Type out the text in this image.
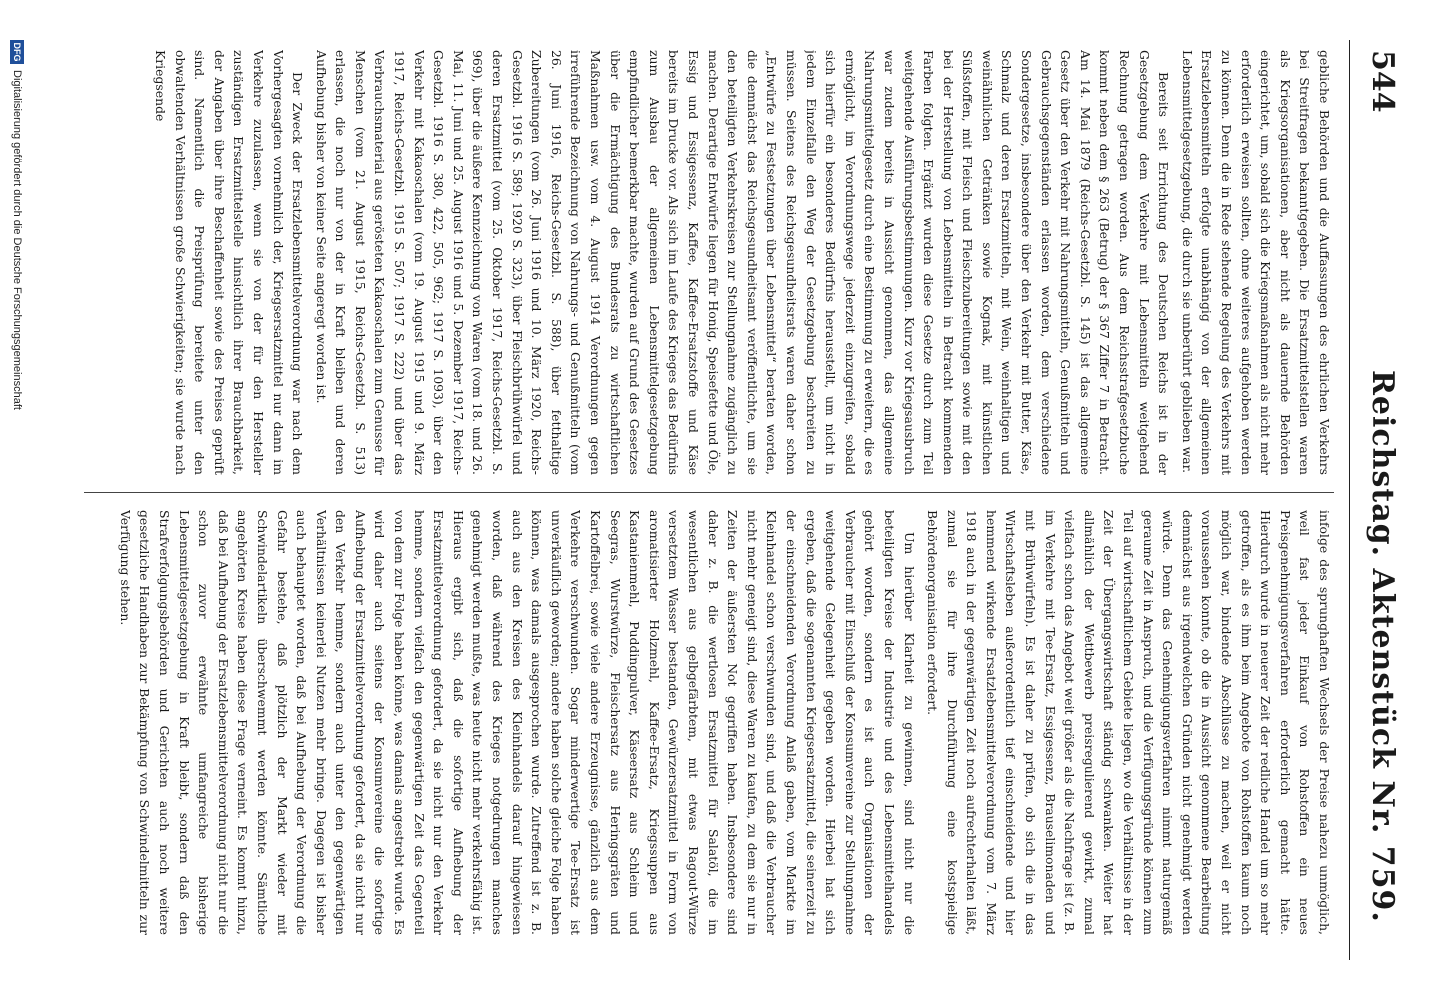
544
Reichstag. Aktenstück Nr. 759.

gebliche Behörden und die Auffassungen des ehrlichen Verkehrs bei Streitfragen bekanntgegeben. Die Ersatzmittelstellen waren als Kriegsorganisationen, aber nicht als dauernde Behörden eingerichtet, um, sobald sich die Kriegsmaßnahmen als nicht mehr erforderlich erweisen sollten, ohne weiteres aufgehoben werden zu können. Denn die in Rede stehende Regelung des Verkehrs mit Ersatzlebensmitteln erfolgte unabhängig von der allgemeinen Lebensmittelgesetzgebung, die durch sie unberührt geblieben war.

Bereits seit Errichtung des Deutschen Reichs ist in der Gesetzgebung dem Verkehre mit Lebensmitteln weitgehend Rechnung getragen worden. Aus dem Reichsstrafgesetzbuche kommt neben dem § 263 (Betrug) der § 367 Ziffer 7 in Betracht. Am 14. Mai 1879 (Reichs-Gesetzbl. S. 145) ist das allgemeine Gesetz über den Verkehr mit Nahrungsmitteln, Genußmitteln und Gebrauchsgegenständen erlassen worden, dem verschiedene Sondergesetze, insbesondere über den Verkehr mit Butter, Käse, Schmalz und deren Ersatzmitteln, mit Wein, weinhaltigen und weinähnlichen Getränken sowie Kognak, mit künstlichen Süßstoffen, mit Fleisch und Fleischzubereitungen sowie mit den bei der Herstellung von Lebensmitteln in Betracht kommenden Farben folgten. Ergänzt wurden diese Gesetze durch zum Teil weitgehende Ausführungsbestimmungen. Kurz vor Kriegsausbruch war zudem bereits in Aussicht genommen, das allgemeine Nahrungsmittelgesetz durch eine Bestimmung zu erweitern, die es ermöglicht, im Verordnungswege jederzeit einzugreifen, sobald sich hierfür ein besonderes Bedürfnis herausstellt, um nicht in jedem Einzelfalle den Weg der Gesetzgebung beschreiten zu müssen. Seitens des Reichsgesundheitsrats waren daher schon „Entwürfe zu Festsetzungen über Lebensmittel“ beraten worden, die demnächst das Reichsgesundheitsamt veröffentlichte, um sie den beteiligten Verkehrskreisen zur Stellungnahme zugänglich zu machen. Derartige Entwürfe liegen für Honig, Speisefette und Öle, Essig und Essigessenz, Kaffee, Kaffee-Ersatzstoffe und Käse bereits im Drucke vor. Als sich im Laufe des Krieges das Bedürfnis zum Ausbau der allgemeinen Lebensmittelgesetzgebung empfindlicher bemerkbar machte, wurden auf Grund des Gesetzes über die Ermächtigung des Bundesrats zu wirtschaftlichen Maßnahmen usw. vom 4. August 1914 Verordnungen gegen irreführende Bezeichnung von Nahrungs- und Genußmitteln (vom 26. Juni 1916, Reichs-Gesetzbl. S. 588), über fetthaltige Zubereitungen (vom 26. Juni 1916 und 10. März 1920, Reichs-Gesetzbl. 1916 S. 589; 1920 S. 323), über Fleischbrühwürfel und deren Ersatzmittel (vom 25. Oktober 1917, Reichs-Gesetzbl. S. 969), über die äußere Kennzeichnung von Waren (vom 18. und 26. Mai, 11. Juni und 25. August 1916 und 5. Dezember 1917, Reichs-Gesetzbl. 1916 S. 380, 422, 505, 962; 1917 S. 1093), über den Verkehr mit Kakaoschalen (vom 19. August 1915 und 9. März 1917, Reichs-Gesetzbl. 1915 S. 507; 1917 S. 222) und über das Verbrauchsmaterial aus gerösteten Kakaoschalen zum Genusse für Menschen (vom 21. August 1915, Reichs-Gesetzbl. S. 513) erlassen, die noch nur von der in Kraft bleiben und deren Aufhebung bisher von keiner Seite angeregt worden ist.

Der Zweck der Ersatzlebensmittelverordnung war nach dem Vorhergesagten vornehmlich der, Kriegsersatzmittel nur dann im Verkehre zuzulassen, wenn sie von der für den Hersteller zuständigen Ersatzmittelstelle hinsichtlich ihrer Brauchbarkeit, der Angaben über ihre Beschaffenheit sowie des Preises geprüft sind. Namentlich die Preisprüfung bereitete unter den obwaltenden Verhältnissen große Schwierigkeiten; sie wurde nach Kriegsende

infolge des sprunghaften Wechsels der Preise nahezu unmöglich, weil fast jeder Einkauf von Rohstoffen ein neues Preisgenehmigungsverfahren erforderlich gemacht hätte. Hierdurch wurde in neuerer Zeit der redliche Handel um so mehr getroffen, als es ihm beim Angebote von Rohstoffen kaum noch möglich war, bindende Abschlüsse zu machen, weil er nicht voraussehen konnte, ob die in Aussicht genommene Bearbeitung demnächst aus irgendwelchen Gründen nicht genehmigt werden würde. Denn das Genehmigungsverfahren nimmt naturgemäß geraume Zeit in Anspruch, und die Verfügungsgründe können zum Teil auf wirtschaftlichem Gebiete liegen, wo die Verhältnisse in der Zeit der Übergangswirtschaft ständig schwanken. Weiter hat allmählich der Wettbewerb preisregulierend gewirkt, zumal vielfach schon das Angebot weit größer als die Nachfrage ist (z. B. im Verkehre mit Tee-Ersatz, Essigessenz, Brauselimonaden und mit Brühwürfeln). Es ist daher zu prüfen, ob sich die in das Wirtschaftsleben außerordentlich tief einschneidende und hier hemmend wirkende Ersatzlebensmittelverordnung vom 7. März 1918 auch in der gegenwärtigen Zeit noch aufrechterhalten läßt, zumal sie für ihre Durchführung eine kostspielige Behördenorganisation erfordert.

Um hierüber Klarheit zu gewinnen, sind nicht nur die beteiligten Kreise der Industrie und des Lebensmittelhandels gehört worden, sondern es ist auch Organisationen der Verbraucher mit Einschluß der Konsumvereine zur Stellungnahme weitgehende Gelegenheit gegeben worden. Hierbei hat sich ergeben, daß die sogenannten Kriegsersatzmittel, die seinerzeit zu der einschneidenden Verordnung Anlaß gaben, vom Markte im Kleinhandel schon verschwunden sind, und daß die Verbraucher nicht mehr geneigt sind, diese Waren zu kaufen, zu dem sie nur in Zeiten der äußersten Not gegriffen haben. Insbesondere sind daher z. B. die wertlosen Ersatzmittel für Salatöl, die im wesentlichen aus gelbgefärbtem, mit etwas Ragout-Würze versetztem Wasser bestanden, Gewürzersatzmittel in Form von aromatisierter Holzmehl, Kaffee-Ersatz, Kriegssuppen aus Kastanienmehl, Puddingpulver, Käseersatz aus Schleim und Seegras, Wurstwürze, Fleischersatz aus Heringsgräten und Kartoffelbrei, sowie viele andere Erzeugnisse, gänzlich aus dem Verkehre verschwunden. Sogar minderwertige Tee-Ersatz ist unverkäuflich geworden; andere haben solche gleiche Folge haben können, was damals ausgesprochen wurde. Zutreffend ist z. B. auch aus den Kreisen des Kleinhandels darauf hingewiesen worden, daß während des Krieges notgedrungen manches genehmigt werden mußte, was heute nicht mehr verkehrsfähig ist. Hieraus ergibt sich, daß die sofortige Aufhebung der Ersatzmittelverordnung gefordert, da sie nicht nur den Verkehr hemme, sondern vielfach den gegenwärtigen Zeit das Gegenteil von dem zur Folge haben könne, was damals angestrebt wurde. Es wird daher auch seitens der Konsumvereine die sofortige Aufhebung der Ersatzmittelverordnung gefordert, da sie nicht nur den Verkehr hemme, sondern auch unter den gegenwärtigen Verhältnissen keinerlei Nutzen mehr bringe. Dagegen ist bisher auch behauptet worden, daß bei Aufhebung der Verordnung die Gefahr bestehe, daß plötzlich der Markt wieder mit Schwindelartikeln überschwemmt werden könnte. Sämtliche angehörten Kreise haben diese Frage verneint. Es kommt hinzu, daß bei Aufhebung der Ersatzlebensmittelverordnung nicht nur die schon zuvor erwähnte umfangreiche bisherige Lebensmittelgesetzgebung in Kraft bleibt, sondern daß den Strafverfolgungsbehörden und Gerichten auch noch weitere gesetzliche Handhaben zur Bekämpfung von Schwindelmitteln zur Verfügung stehen.

DFG
Digitalisierung gefördert durch die Deutsche Forschungsgemeinschaft
